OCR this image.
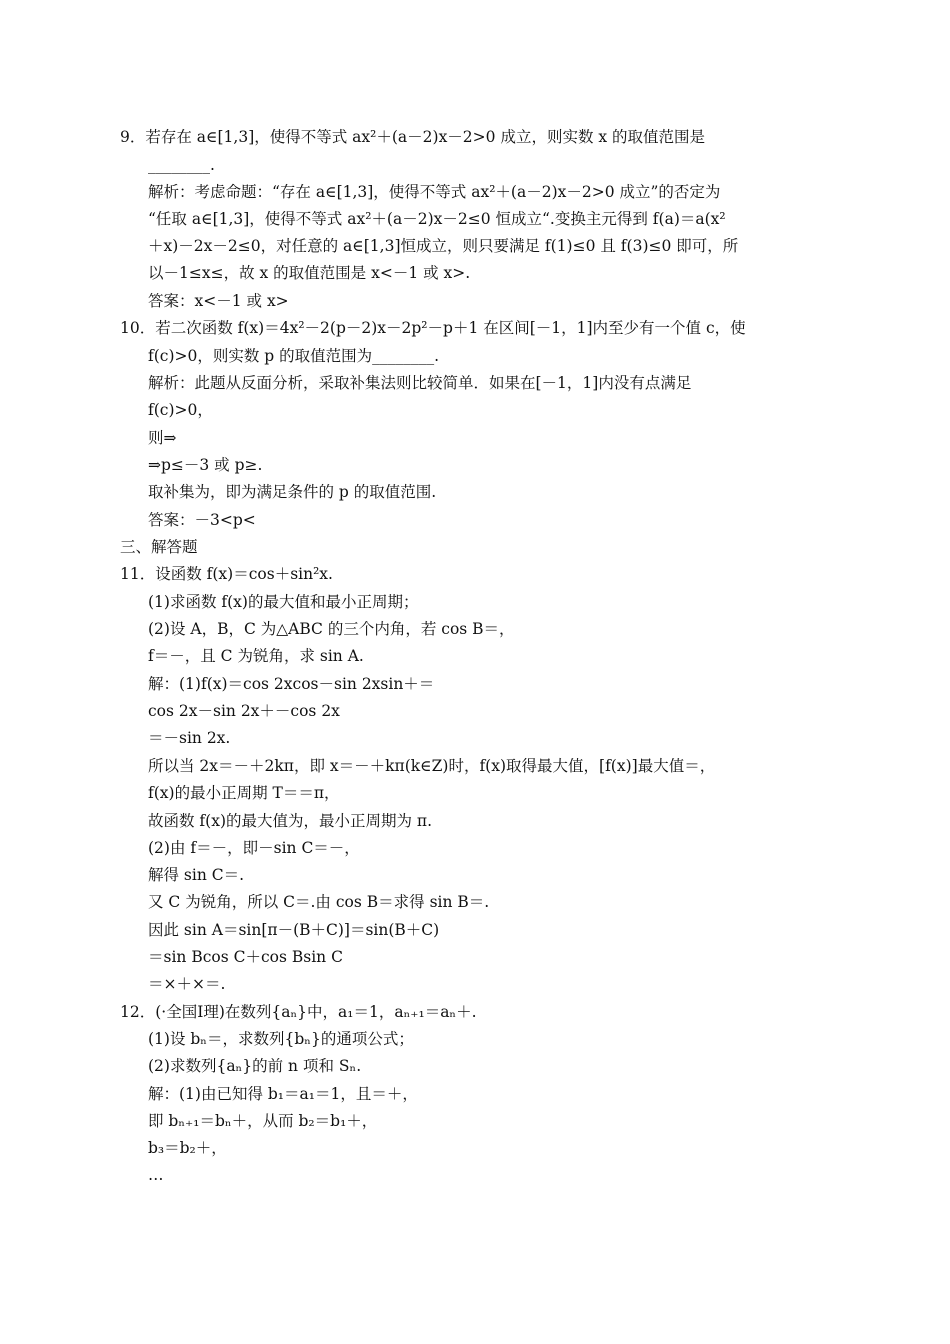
9．若存在 a∈[1,3]，使得不等式 ax²＋(a－2)x－2>0 成立，则实数 x 的取值范围是
________.
解析：考虑命题：“存在 a∈[1,3]，使得不等式 ax²＋(a－2)x－2>0 成立”的否定为
“任取 a∈[1,3]，使得不等式 ax²＋(a－2)x－2≤0 恒成立“.变换主元得到 f(a)＝a(x²
＋x)－2x－2≤0，对任意的 a∈[1,3]恒成立，则只要满足 f(1)≤0 且 f(3)≤0 即可，所
以－1≤x≤，故 x 的取值范围是 x<－1 或 x>.
答案：x<－1 或 x>
10．若二次函数 f(x)＝4x²－2(p－2)x－2p²－p＋1 在区间[－1，1]内至少有一个值 c，使
f(c)>0，则实数 p 的取值范围为________.
解析：此题从反面分析，采取补集法则比较简单．如果在[－1，1]内没有点满足
f(c)>0，
则⇒
⇒p≤－3 或 p≥.
取补集为，即为满足条件的 p 的取值范围.
答案：－3<p<
三、解答题
11．设函数 f(x)＝cos＋sin²x.
(1)求函数 f(x)的最大值和最小正周期；
(2)设 A，B，C 为△ABC 的三个内角，若 cos B＝，
f＝－，且 C 为锐角，求 sin A.
解：(1)f(x)＝cos 2xcos－sin 2xsin＋＝
cos 2x－sin 2x＋－cos 2x
＝－sin 2x.
所以当 2x＝－＋2kπ，即 x＝－＋kπ(k∈Z)时，f(x)取得最大值，[f(x)]最大值＝，
f(x)的最小正周期 T＝＝π，
故函数 f(x)的最大值为，最小正周期为 π.
(2)由 f＝－，即－sin C＝－，
解得 sin C＝.
又 C 为锐角，所以 C＝.由 cos B＝求得 sin B＝.
因此 sin A＝sin[π－(B＋C)]＝sin(B＋C)
＝sin Bcos C＋cos Bsin C
＝×＋×＝.
12．(·全国Ⅰ理)在数列{aₙ}中，a₁＝1，aₙ₊₁＝aₙ＋.
(1)设 bₙ＝，求数列{bₙ}的通项公式；
(2)求数列{aₙ}的前 n 项和 Sₙ.
解：(1)由已知得 b₁＝a₁＝1，且＝＋，
即 bₙ₊₁＝bₙ＋，从而 b₂＝b₁＋，
b₃＝b₂＋，
…
